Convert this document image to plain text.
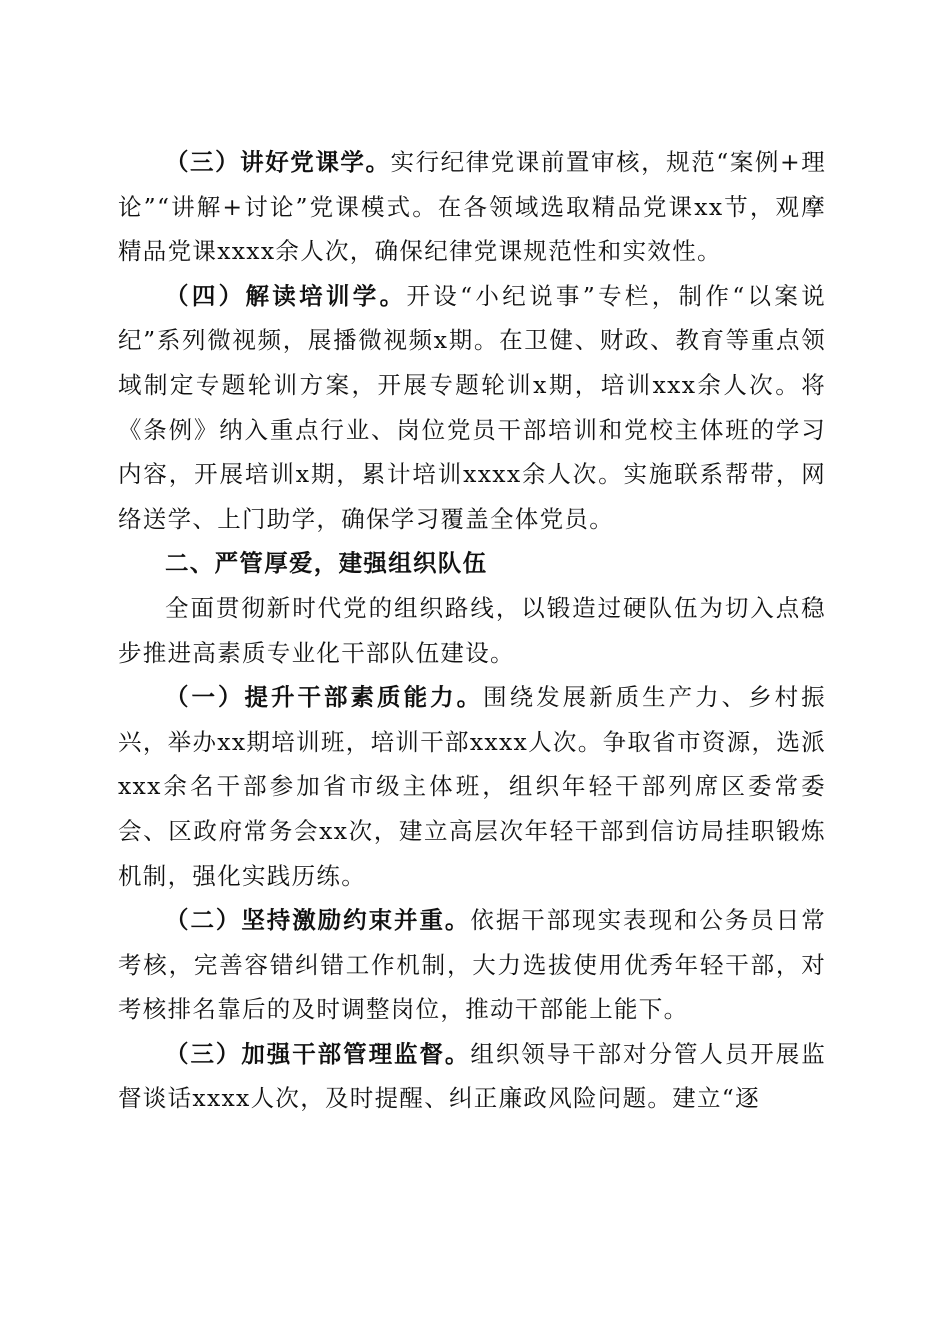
（三）讲好党课学。实行纪律党课前置审核，规范“案例+理论”“讲解+讨论”党课模式。在各领域选取精品党课xx节，观摩精品党课xxxx余人次，确保纪律党课规范性和实效性。

（四）解读培训学。开设“小纪说事”专栏，制作“以案说纪”系列微视频，展播微视频x期。在卫健、财政、教育等重点领域制定专题轮训方案，开展专题轮训x期，培训xxx余人次。将《条例》纳入重点行业、岗位党员干部培训和党校主体班的学习内容，开展培训x期，累计培训xxxx余人次。实施联系帮带，网络送学、上门助学，确保学习覆盖全体党员。

二、严管厚爱，建强组织队伍

全面贯彻新时代党的组织路线，以锻造过硬队伍为切入点稳步推进高素质专业化干部队伍建设。

（一）提升干部素质能力。围绕发展新质生产力、乡村振兴，举办xx期培训班，培训干部xxxx人次。争取省市资源，选派xxx余名干部参加省市级主体班，组织年轻干部列席区委常委会、区政府常务会xx次，建立高层次年轻干部到信访局挂职锻炼机制，强化实践历练。

（二）坚持激励约束并重。依据干部现实表现和公务员日常考核，完善容错纠错工作机制，大力选拔使用优秀年轻干部，对考核排名靠后的及时调整岗位，推动干部能上能下。

（三）加强干部管理监督。组织领导干部对分管人员开展监督谈话xxxx人次，及时提醒、纠正廉政风险问题。建立“逐
